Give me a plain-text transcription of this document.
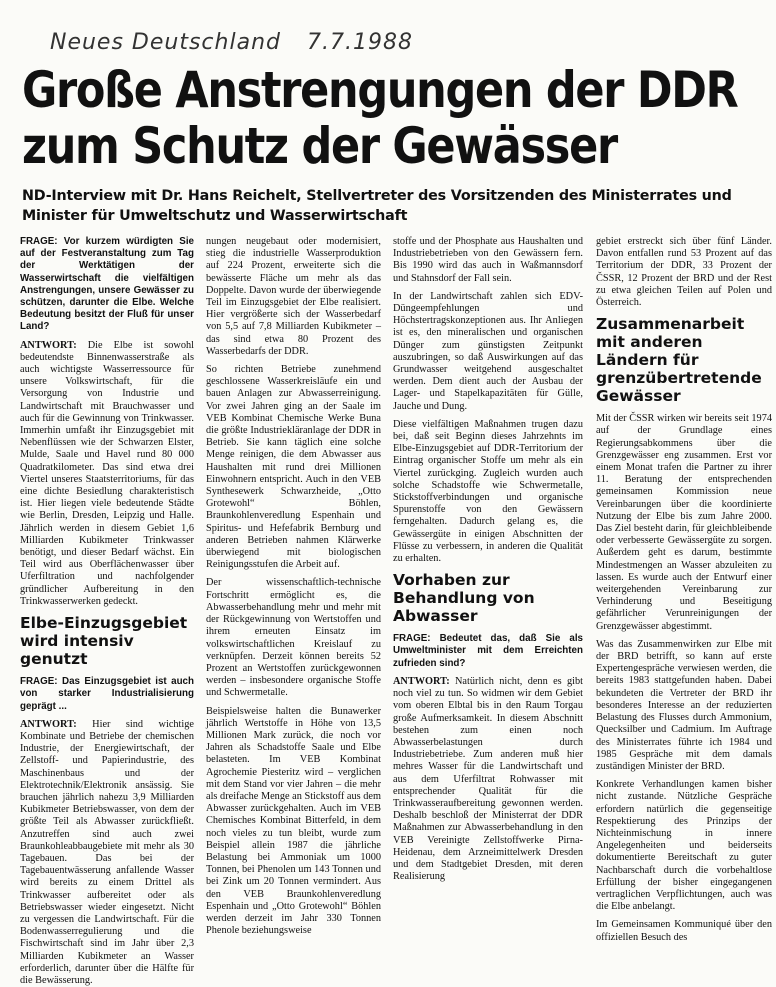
Neues Deutschland 7.7.1988
Große Anstrengungen der DDR
zum Schutz der Gewässer
ND-Interview mit Dr. Hans Reichelt, Stellvertreter des Vorsitzenden des Ministerrates und Minister für Umweltschutz und Wasserwirtschaft

FRAGE: Vor kurzem würdigten Sie auf der Festveranstaltung zum Tag der Werktätigen der Wasserwirtschaft die vielfältigen Anstrengungen, unsere Gewässer zu schützen, darunter die Elbe. Welche Bedeutung besitzt der Fluß für unser Land?

ANTWORT: Die Elbe ist sowohl bedeutendste Binnenwasserstraße als auch wichtigste Wasserressource für unsere Volkswirtschaft, für die Versorgung von Industrie und Landwirtschaft mit Brauchwasser und auch für die Gewinnung von Trinkwasser. Immerhin umfaßt ihr Einzugsgebiet mit Nebenflüssen wie der Schwarzen Elster, Mulde, Saale und Havel rund 80 000 Quadratkilometer. Das sind etwa drei Viertel unseres Staatsterritoriums, für das eine dichte Besiedlung charakteristisch ist. Hier liegen viele bedeutende Städte wie Berlin, Dresden, Leipzig und Halle. Jährlich werden in diesem Gebiet 1,6 Milliarden Kubikmeter Trinkwasser benötigt, und dieser Bedarf wächst. Ein Teil wird aus Oberflächenwasser über Uferfiltration und nachfolgender gründlicher Aufbereitung in den Trinkwasserwerken gedeckt.

Elbe-Einzugsgebiet wird intensiv genutzt

FRAGE: Das Einzugsgebiet ist auch von starker Industrialisierung geprägt ...

ANTWORT: Hier sind wichtige Kombinate und Betriebe der chemischen Industrie, der Energiewirtschaft, der Zellstoff- und Papierindustrie, des Maschinenbaus und der Elektrotechnik/Elektronik ansässig. Sie brauchen jährlich nahezu 3,9 Milliarden Kubikmeter Betriebswasser, von dem der größte Teil als Abwasser zurückfließt. Anzutreffen sind auch zwei Braunkohleabbaugebiete mit mehr als 30 Tagebauen. Das bei der Tagebauentwässerung anfallende Wasser wird bereits zu einem Drittel als Trinkwasser aufbereitet oder als Betriebswasser wieder eingesetzt. Nicht zu vergessen die Landwirtschaft. Für die Bodenwasserregulierung und die Fischwirtschaft sind im Jahr über 2,3 Milliarden Kubikmeter an Wasser erforderlich, darunter über die Hälfte für die Bewässerung.

nungen neugebaut oder modernisiert, stieg die industrielle Wasserproduktion auf 224 Prozent, erweiterte sich die bewässerte Fläche um mehr als das Doppelte. Davon wurde der überwiegende Teil im Einzugsgebiet der Elbe realisiert. Hier vergrößerte sich der Wasserbedarf von 5,5 auf 7,8 Milliarden Kubikmeter – das sind etwa 80 Prozent des Wasserbedarfs der DDR.

So richten Betriebe zunehmend geschlossene Wasserkreisläufe ein und bauen Anlagen zur Abwasserreinigung. Vor zwei Jahren ging an der Saale im VEB Kombinat Chemische Werke Buna die größte Industriekläranlage der DDR in Betrieb. Sie kann täglich eine solche Menge reinigen, die dem Abwasser aus Haushalten mit rund drei Millionen Einwohnern entspricht. Auch in den VEB Synthesewerk Schwarzheide, „Otto Grotewohl“ Böhlen, Braunkohlenveredlung Espenhain und Spiritus- und Hefefabrik Bernburg und anderen Betrieben nahmen Klärwerke überwiegend mit biologischen Reinigungsstufen die Arbeit auf.

Der wissenschaftlich-technische Fortschritt ermöglicht es, die Abwasserbehandlung mehr und mehr mit der Rückgewinnung von Wertstoffen und ihrem erneuten Einsatz im volkswirtschaftlichen Kreislauf zu verknüpfen. Derzeit können bereits 52 Prozent an Wertstoffen zurückgewonnen werden – insbesondere organische Stoffe und Schwermetalle.

Beispielsweise halten die Bunawerker jährlich Wertstoffe in Höhe von 13,5 Millionen Mark zurück, die noch vor Jahren als Schadstoffe Saale und Elbe belasteten. Im VEB Kombinat Agrochemie Piesteritz wird – verglichen mit dem Stand vor vier Jahren – die mehr als dreifache Menge an Stickstoff aus dem Abwasser zurückgehalten. Auch im VEB Chemisches Kombinat Bitterfeld, in dem noch vieles zu tun bleibt, wurde zum Beispiel allein 1987 die jährliche Belastung bei Ammoniak um 1000 Tonnen, bei Phenolen um 143 Tonnen und bei Zink um 20 Tonnen vermindert. Aus den VEB Braunkohlenveredlung Espenhain und „Otto Grotewohl“ Böhlen werden derzeit im Jahr 330 Tonnen Phenole beziehungsweise

stoffe und der Phosphate aus Haushalten und Industriebetrieben von den Gewässern fern. Bis 1990 wird das auch in Waßmannsdorf und Stahnsdorf der Fall sein.

In der Landwirtschaft zahlen sich EDV-Düngeempfehlungen und Höchstertragskonzeptionen aus. Ihr Anliegen ist es, den mineralischen und organischen Dünger zum günstigsten Zeitpunkt auszubringen, so daß Auswirkungen auf das Grundwasser weitgehend ausgeschaltet werden. Dem dient auch der Ausbau der Lager- und Stapelkapazitäten für Gülle, Jauche und Dung.

Diese vielfältigen Maßnahmen trugen dazu bei, daß seit Beginn dieses Jahrzehnts im Elbe-Einzugsgebiet auf DDR-Territorium der Eintrag organischer Stoffe um mehr als ein Viertel zurückging. Zugleich wurden auch solche Schadstoffe wie Schwermetalle, Stickstoffverbindungen und organische Spurenstoffe von den Gewässern ferngehalten. Dadurch gelang es, die Gewässergüte in einigen Abschnitten der Flüsse zu verbessern, in anderen die Qualität zu erhalten.

Vorhaben zur Behandlung von Abwasser

FRAGE: Bedeutet das, daß Sie als Umweltminister mit dem Erreichten zufrieden sind?

ANTWORT: Natürlich nicht, denn es gibt noch viel zu tun. So widmen wir dem Gebiet vom oberen Elbtal bis in den Raum Torgau große Aufmerksamkeit. In diesem Abschnitt bestehen zum einen noch Abwasserbelastungen durch Industriebetriebe. Zum anderen muß hier mehres Wasser für die Landwirtschaft und aus dem Uferfiltrat Rohwasser mit entsprechender Qualität für die Trinkwasseraufbereitung gewonnen werden. Deshalb beschloß der Ministerrat der DDR Maßnahmen zur Abwasserbehandlung in den VEB Vereinigte Zellstoffwerke Pirna-Heidenau, dem Arzneimittelwerk Dresden und dem Stadtgebiet Dresden, mit deren Realisierung

gebiet erstreckt sich über fünf Länder. Davon entfallen rund 53 Prozent auf das Territorium der DDR, 33 Prozent der ČSSR, 12 Prozent der BRD und der Rest zu etwa gleichen Teilen auf Polen und Österreich.

Zusammenarbeit mit anderen Ländern für grenzübertretende Gewässer

Mit der ČSSR wirken wir bereits seit 1974 auf der Grundlage eines Regierungsabkommens über die Grenzgewässer eng zusammen. Erst vor einem Monat trafen die Partner zu ihrer 11. Beratung der entsprechenden gemeinsamen Kommission neue Vereinbarungen über die koordinierte Nutzung der Elbe bis zum Jahre 2000. Das Ziel besteht darin, für gleichbleibende oder verbesserte Gewässergüte zu sorgen. Außerdem geht es darum, bestimmte Mindestmengen an Wasser abzuleiten zu lassen. Es wurde auch der Entwurf einer weitergehenden Vereinbarung zur Verhinderung und Beseitigung gefährlicher Verunreinigungen der Grenzgewässer abgestimmt.

Was das Zusammenwirken zur Elbe mit der BRD betrifft, so kann auf erste Expertengespräche verwiesen werden, die bereits 1983 stattgefunden haben. Dabei bekundeten die Vertreter der BRD ihr besonderes Interesse an der reduzierten Belastung des Flusses durch Ammonium, Quecksilber und Cadmium. Im Auftrage des Ministerrates führte ich 1984 und 1985 Gespräche mit dem damals zuständigen Minister der BRD.

Konkrete Verhandlungen kamen bisher nicht zustande. Nützliche Gespräche erfordern natürlich die gegenseitige Respektierung des Prinzips der Nichteinmischung in innere Angelegenheiten und beiderseits dokumentierte Bereitschaft zu guter Nachbarschaft durch die vorbehaltlose Erfüllung der bisher eingegangenen vertraglichen Verpflichtungen, auch was die Elbe anbelangt.

Im Gemeinsamen Kommuniqué über den offiziellen Besuch des
